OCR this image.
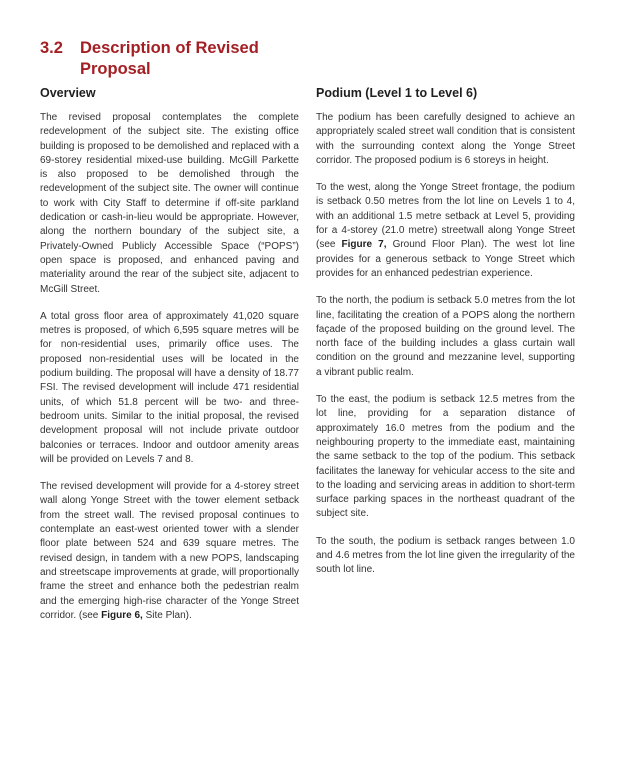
3.2	Description of Revised Proposal
Overview

The revised proposal contemplates the complete redevelopment of the subject site. The existing office building is proposed to be demolished and replaced with a 69-storey residential mixed-use building. McGill Parkette is also proposed to be demolished through the redevelopment of the subject site. The owner will continue to work with City Staff to determine if off-site parkland dedication or cash-in-lieu would be appropriate. However, along the northern boundary of the subject site, a Privately-Owned Publicly Accessible Space (“POPS”) open space is proposed, and enhanced paving and materiality around the rear of the subject site, adjacent to McGill Street.

A total gross floor area of approximately 41,020 square metres is proposed, of which 6,595 square metres will be for non-residential uses, primarily office uses. The proposed non-residential uses will be located in the podium building. The proposal will have a density of 18.77 FSI. The revised development will include 471 residential units, of which 51.8 percent will be two- and three-bedroom units. Similar to the initial proposal, the revised development proposal will not include private outdoor balconies or terraces. Indoor and outdoor amenity areas will be provided on Levels 7 and 8.

The revised development will provide for a 4-storey street wall along Yonge Street with the tower element setback from the street wall. The revised proposal continues to contemplate an east-west oriented tower with a slender floor plate between 524 and 639 square metres. The revised design, in tandem with a new POPS, landscaping and streetscape improvements at grade, will proportionally frame the street and enhance both the pedestrian realm and the emerging high-rise character of the Yonge Street corridor. (see Figure 6, Site Plan).

Podium (Level 1 to Level 6)

The podium has been carefully designed to achieve an appropriately scaled street wall condition that is consistent with the surrounding context along the Yonge Street corridor. The proposed podium is 6 storeys in height.

To the west, along the Yonge Street frontage, the podium is setback 0.50 metres from the lot line on Levels 1 to 4, with an additional 1.5 metre setback at Level 5, providing for a 4-storey (21.0 metre) streetwall along Yonge Street (see Figure 7, Ground Floor Plan). The west lot line provides for a generous setback to Yonge Street which provides for an enhanced pedestrian experience.

To the north, the podium is setback 5.0 metres from the lot line, facilitating the creation of a POPS along the northern façade of the proposed building on the ground level. The north face of the building includes a glass curtain wall condition on the ground and mezzanine level, supporting a vibrant public realm.

To the east, the podium is setback 12.5 metres from the lot line, providing for a separation distance of approximately 16.0 metres from the podium and the neighbouring property to the immediate east, maintaining the same setback to the top of the podium. This setback facilitates the laneway for vehicular access to the site and to the loading and servicing areas in addition to short-term surface parking spaces in the northeast quadrant of the subject site.

To the south, the podium is setback ranges between 1.0 and 4.6 metres from the lot line given the irregularity of the south lot line.
